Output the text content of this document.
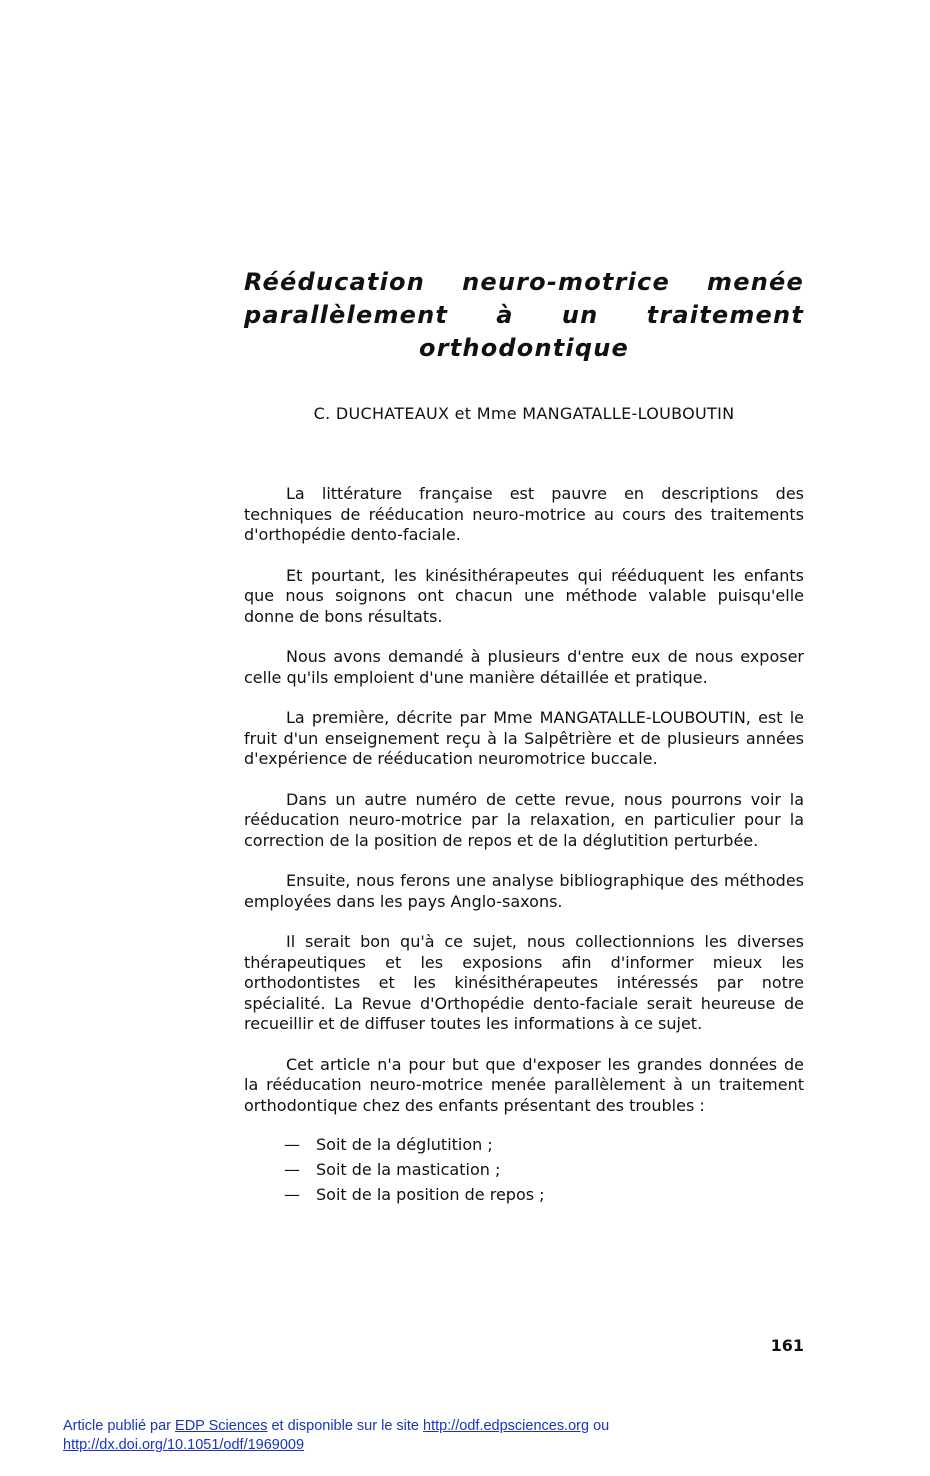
Rééducation neuro-motrice menée
parallèlement à un traitement
orthodontique
C. DUCHATEAUX et Mme MANGATALLE-LOUBOUTIN

La littérature française est pauvre en descriptions des techniques de rééducation neuro-motrice au cours des traitements d'orthopédie dento-faciale.

Et pourtant, les kinésithérapeutes qui rééduquent les enfants que nous soignons ont chacun une méthode valable puisqu'elle donne de bons résultats.

Nous avons demandé à plusieurs d'entre eux de nous exposer celle qu'ils emploient d'une manière détaillée et pratique.

La première, décrite par Mme MANGATALLE-LOUBOUTIN, est le fruit d'un enseignement reçu à la Salpêtrière et de plusieurs années d'expérience de rééducation neuromotrice buccale.

Dans un autre numéro de cette revue, nous pourrons voir la rééducation neuro-motrice par la relaxation, en particulier pour la correction de la position de repos et de la déglutition perturbée.

Ensuite, nous ferons une analyse bibliographique des méthodes employées dans les pays Anglo-saxons.

Il serait bon qu'à ce sujet, nous collectionnions les diverses thérapeutiques et les exposions afin d'informer mieux les orthodontistes et les kinésithérapeutes intéressés par notre spécialité. La Revue d'Orthopédie dento-faciale serait heureuse de recueillir et de diffuser toutes les informations à ce sujet.

Cet article n'a pour but que d'exposer les grandes données de la rééducation neuro-motrice menée parallèlement à un traitement orthodontique chez des enfants présentant des troubles :

— Soit de la déglutition ;
— Soit de la mastication ;
— Soit de la position de repos ;
161
Article publié par EDP Sciences et disponible sur le site http://odf.edpsciences.org ou
http://dx.doi.org/10.1051/odf/1969009
